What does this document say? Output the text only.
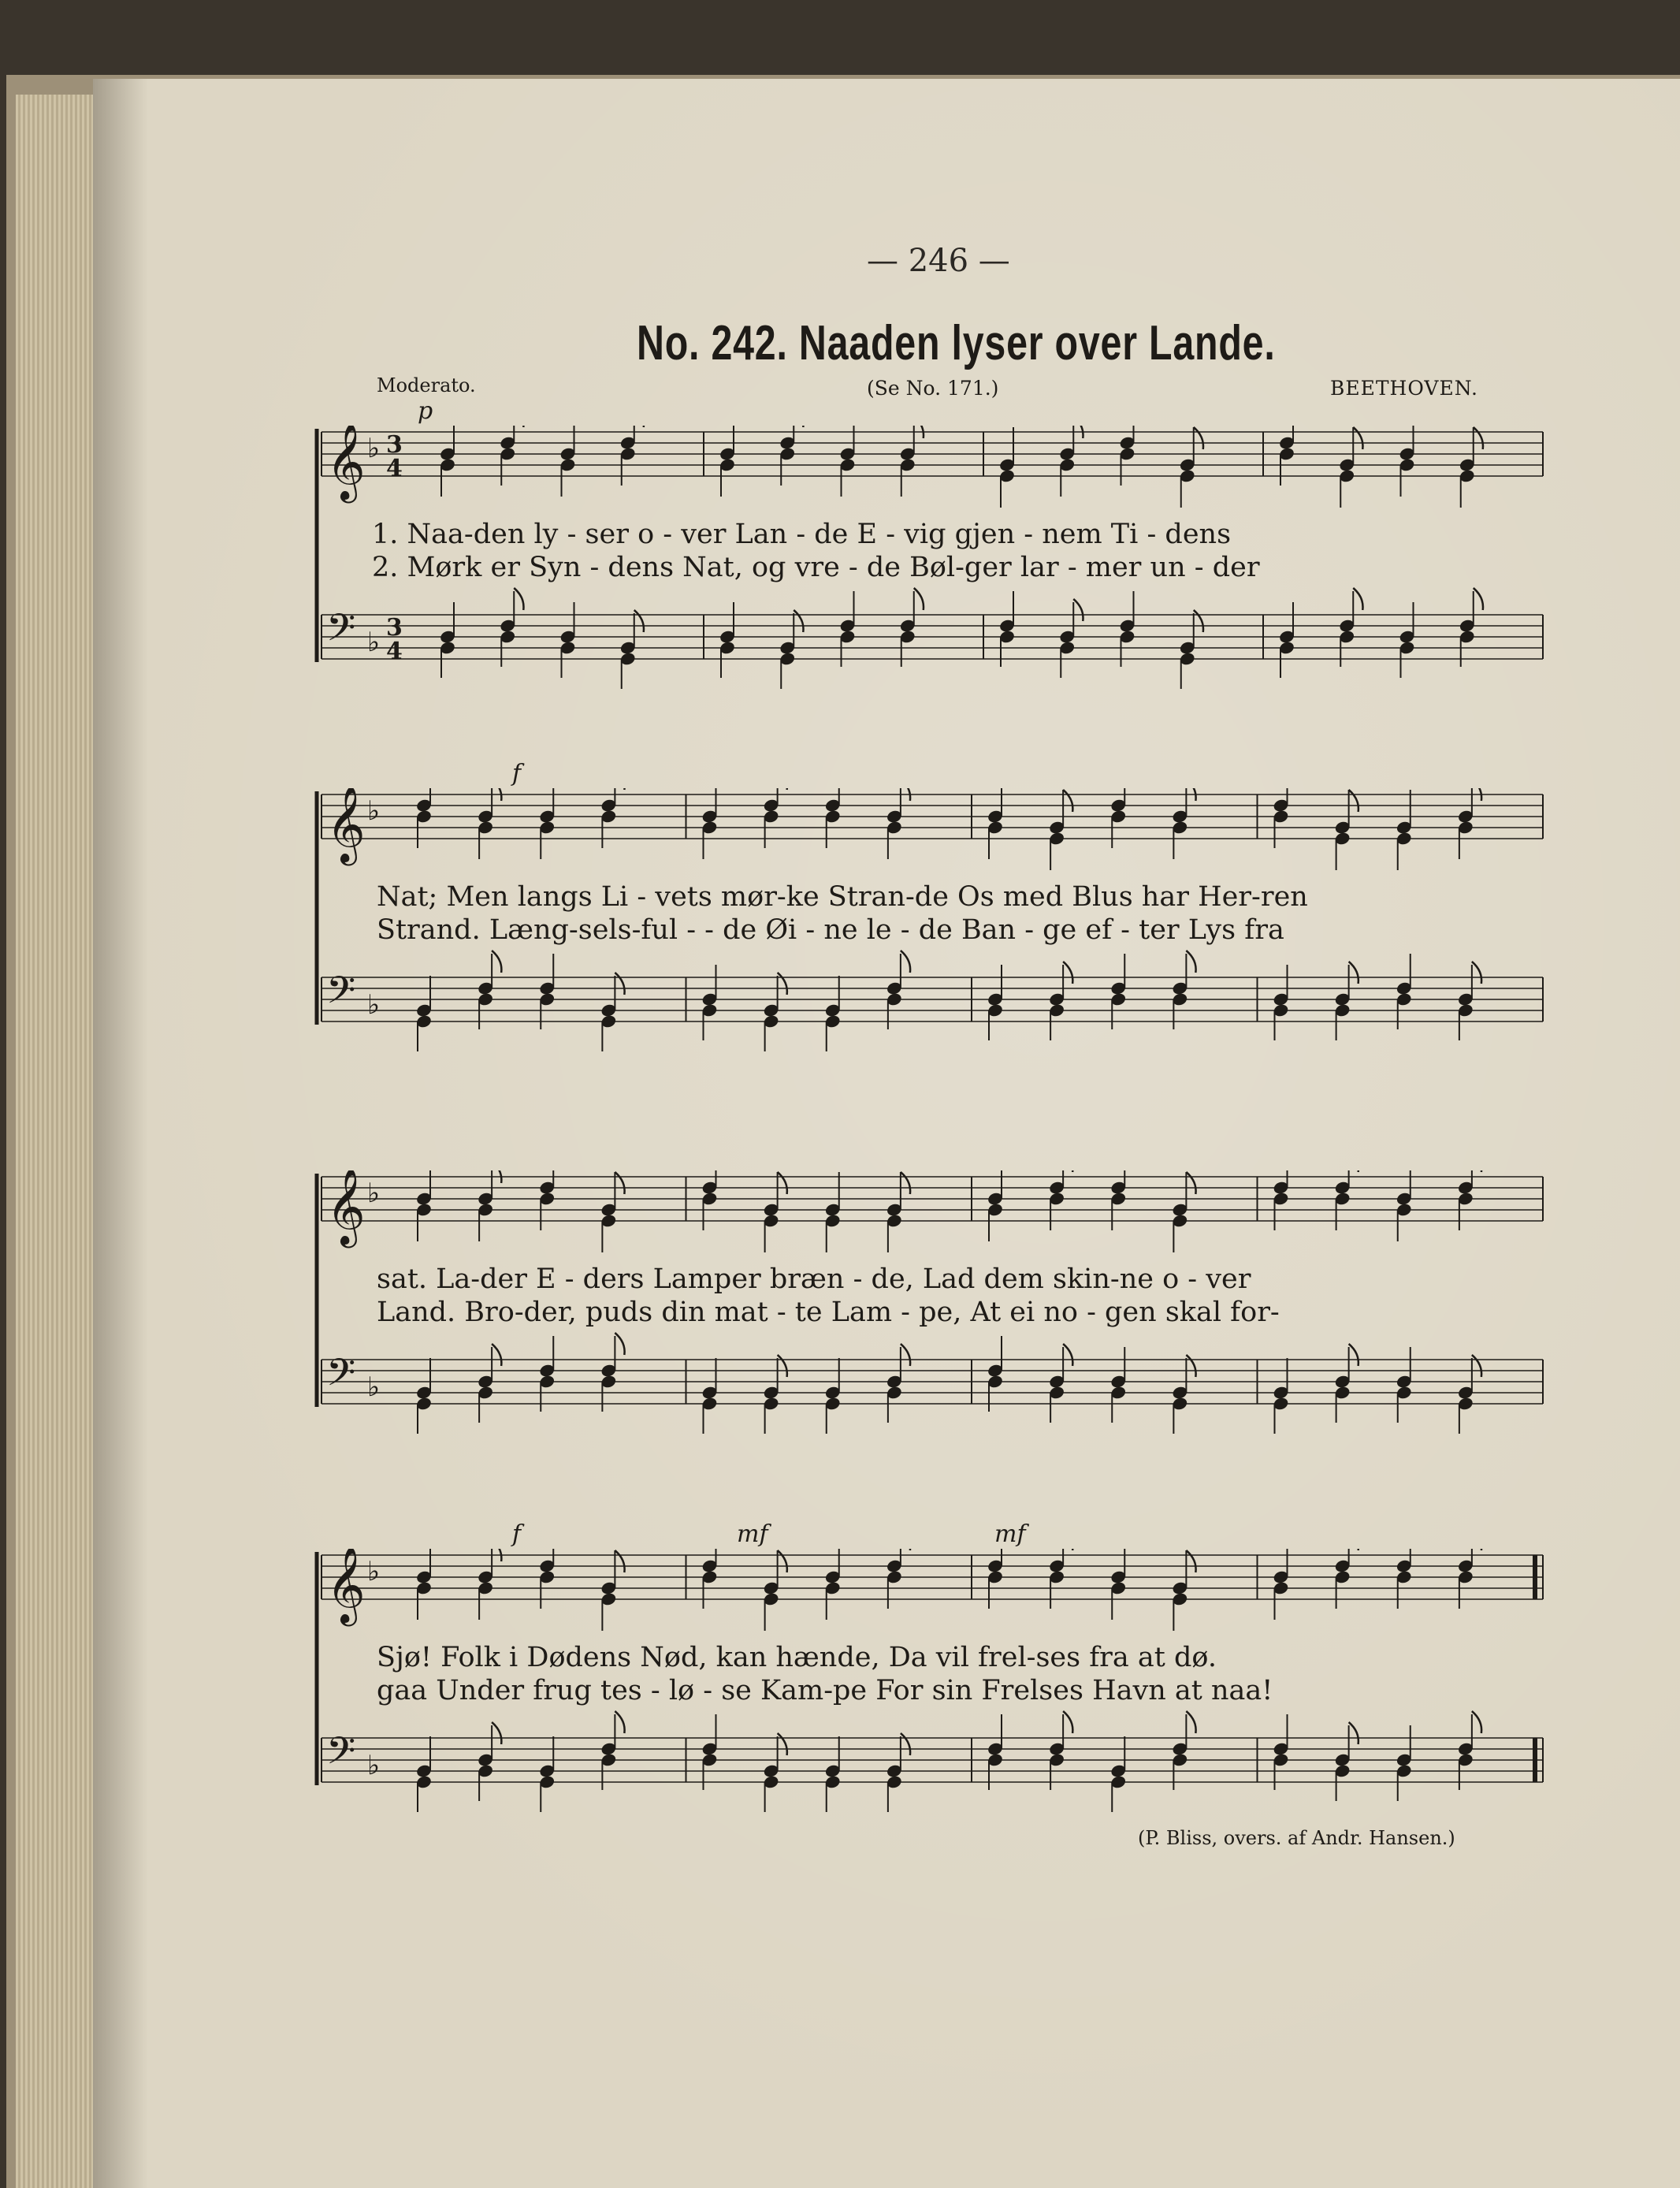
— 246 —
No. 242. Naaden lyser over Lande.
Moderato.	(Se No. 171.)	BEETHOVEN.
𝄞 ♭ 3
4
𝄢 ♭ 3
4
1. Naa-den ly - ser o - ver Lan - de E - vig gjen - nem Ti - dens
2. Mørk er Syn - dens Nat, og vre - de Bøl-ger lar - mer un - der
p
𝄞 ♭
𝄢 ♭
Nat; Men langs Li - vets mør-ke Stran-de Os med Blus har Her-ren
Strand. Læng-sels-ful - - de Øi - ne le - de Ban - ge ef - ter Lys fra
f
𝄞 ♭
𝄢 ♭
sat. La-der E - ders Lamper bræn - de, Lad dem skin-ne o - ver
Land. Bro-der, puds din mat - te Lam - pe, At ei no - gen skal for-
𝄞 ♭
𝄢 ♭
Sjø! Folk i Dødens Nød, kan hænde, Da vil frel-ses fra at dø.
gaa Under frug tes - lø - se Kam-pe For sin Frelses Havn at naa!
f	mf	mf
(P. Bliss, overs. af Andr. Hansen.)
